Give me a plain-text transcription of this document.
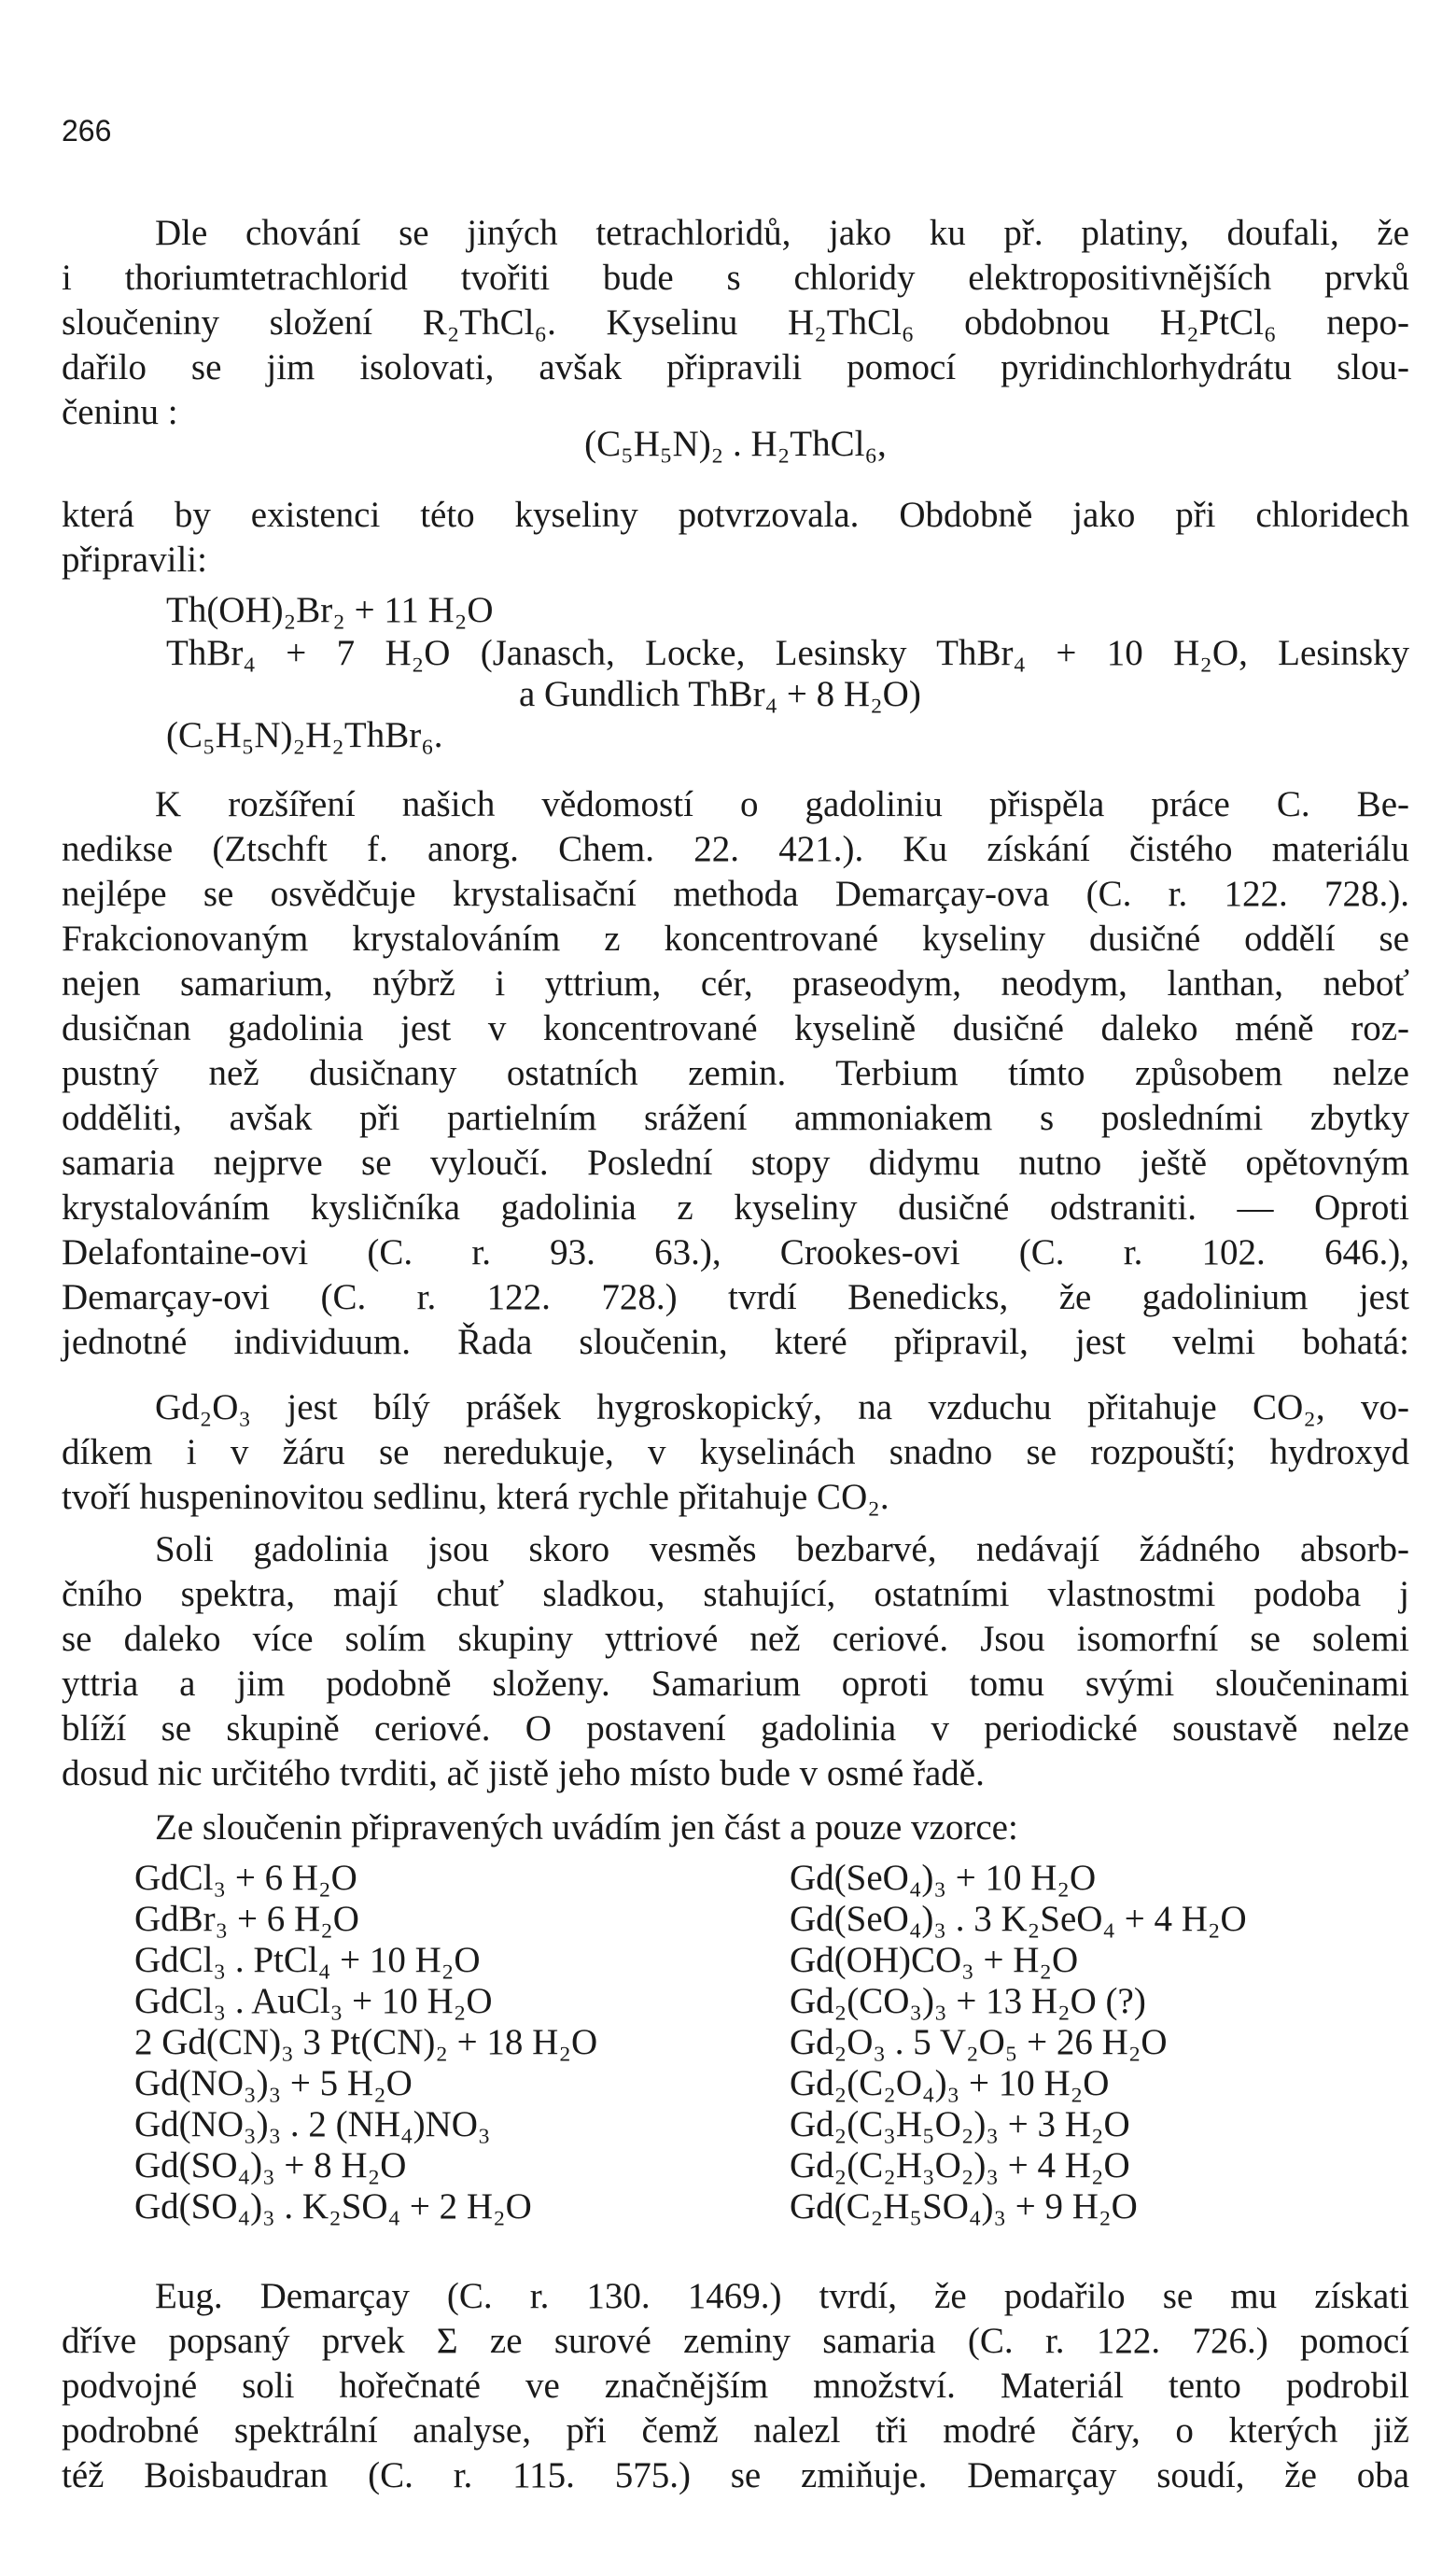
266
Dle chování se jiných tetrachloridů, jako ku př. platiny, doufali, že
i thoriumtetrachlorid tvořiti bude s chloridy elektropositivnějších prvků
sloučeniny složení R₂ThCl₆. Kyselinu H₂ThCl₆ obdobnou H₂PtCl₆ nepo-
dařilo se jim isolovati, avšak připravili pomocí pyridinchlorhydrátu slou-
čeninu :
(C₅H₅N)₂ . H₂ThCl₆,
která by existenci této kyseliny potvrzovala. Obdobně jako při chloridech
připravili:
Th(OH)₂Br₂ + 11 H₂O
ThBr₄ + 7 H₂O (Janasch, Locke, Lesinsky ThBr₄ + 10 H₂O, Lesinsky
a Gundlich ThBr₄ + 8 H₂O)
(C₅H₅N)₂H₂ThBr₆.
K rozšíření našich vědomostí o gadoliniu přispěla práce C. Be-
nedikse (Ztschft f. anorg. Chem. 22. 421.). Ku získání čistého materiálu
nejlépe se osvědčuje krystalisační methoda Demarçay-ova (C. r. 122. 728.).
Frakcionovaným krystalováním z koncentrované kyseliny dusičné oddělí se
nejen samarium, nýbrž i yttrium, cér, praseodym, neodym, lanthan, neboť
dusičnan gadolinia jest v koncentrované kyselině dusičné daleko méně roz-
pustný než dusičnany ostatních zemin. Terbium tímto způsobem nelze
odděliti, avšak při partielním srážení ammoniakem s posledními zbytky
samaria nejprve se vyloučí. Poslední stopy didymu nutno ještě opětovným
krystalováním kysličníka gadolinia z kyseliny dusičné odstraniti. — Oproti
Delafontaine-ovi (C. r. 93. 63.), Crookes-ovi (C. r. 102. 646.),
Demarçay-ovi (C. r. 122. 728.) tvrdí Benedicks, že gadolinium jest
jednotné individuum. Řada sloučenin, které připravil, jest velmi bohatá:
Gd₂O₃ jest bílý prášek hygroskopický, na vzduchu přitahuje CO₂, vo-
díkem i v žáru se neredukuje, v kyselinách snadno se rozpouští; hydroxyd
tvoří huspeninovitou sedlinu, která rychle přitahuje CO₂.
Soli gadolinia jsou skoro vesměs bezbarvé, nedávají žádného absorb-
čního spektra, mají chuť sladkou, stahující, ostatními vlastnostmi podoba j
se daleko více solím skupiny yttriové než ceriové. Jsou isomorfní se solemi
yttria a jim podobně složeny. Samarium oproti tomu svými sloučeninami
blíží se skupině ceriové. O postavení gadolinia v periodické soustavě nelze
dosud nic určitého tvrditi, ač jistě jeho místo bude v osmé řadě.
Ze sloučenin připravených uvádím jen část a pouze vzorce:
GdCl₃ + 6 H₂O
GdBr₃ + 6 H₂O
GdCl₃ . PtCl₄ + 10 H₂O
GdCl₃ . AuCl₃ + 10 H₂O
2 Gd(CN)₃ 3 Pt(CN)₂ + 18 H₂O
Gd(NO₃)₃ + 5 H₂O
Gd(NO₃)₃ . 2 (NH₄)NO₃
Gd(SO₄)₃ + 8 H₂O
Gd(SO₄)₃ . K₂SO₄ + 2 H₂O
Gd(SeO₄)₃ + 10 H₂O
Gd(SeO₄)₃ . 3 K₂SeO₄ + 4 H₂O
Gd(OH)CO₃ + H₂O
Gd₂(CO₃)₃ + 13 H₂O (?)
Gd₂O₃ . 5 V₂O₅ + 26 H₂O
Gd₂(C₂O₄)₃ + 10 H₂O
Gd₂(C₃H₅O₂)₃ + 3 H₂O
Gd₂(C₂H₃O₂)₃ + 4 H₂O
Gd(C₂H₅SO₄)₃ + 9 H₂O
Eug. Demarçay (C. r. 130. 1469.) tvrdí, že podařilo se mu získati
dříve popsaný prvek Σ ze surové zeminy samaria (C. r. 122. 726.) pomocí
podvojné soli hořečnaté ve značnějším množství. Materiál tento podrobil
podrobné spektrální analyse, při čemž nalezl tři modré čáry, o kterých již
též Boisbaudran (C. r. 115. 575.) se zmiňuje. Demarçay soudí, že oba
